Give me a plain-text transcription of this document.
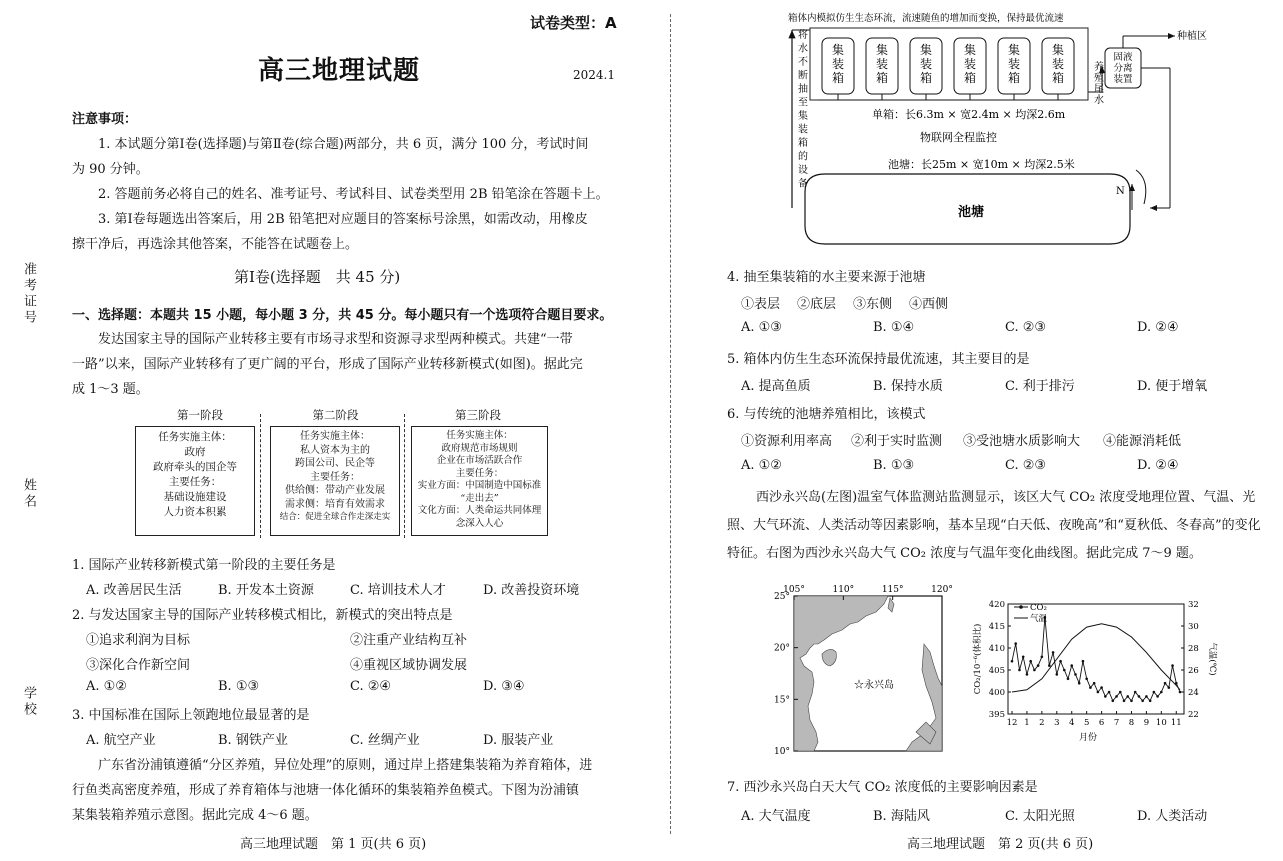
准考证号
姓名
学校
试卷类型：A
高三地理试题	2024.1
注意事项：
1. 本试题分第Ⅰ卷(选择题)与第Ⅱ卷(综合题)两部分，共 6 页，满分 100 分，考试时间
为 90 分钟。
2. 答题前务必将自己的姓名、准考证号、考试科目、试卷类型用 2B 铅笔涂在答题卡上。
3. 第Ⅰ卷每题选出答案后，用 2B 铅笔把对应题目的答案标号涂黑，如需改动，用橡皮
擦干净后，再选涂其他答案，不能答在试题卷上。
第Ⅰ卷(选择题　共 45 分)
一、选择题：本题共 15 小题，每小题 3 分，共 45 分。每小题只有一个选项符合题目要求。
发达国家主导的国际产业转移主要有市场寻求型和资源寻求型两种模式。共建“一带
一路”以来，国际产业转移有了更广阔的平台，形成了国际产业转移新模式(如图)。据此完
成 1～3 题。
第一阶段	第二阶段	第三阶段
任务实施主体：
政府
政府牵头的国企等
主要任务：
基础设施建设
人力资本积累
任务实施主体：
私人资本为主的
跨国公司、民企等
主要任务：
供给侧：带动产业发展
需求侧：培育有效需求
结合：促进全球合作走深走实
任务实施主体：
政府规范市场规则
企业在市场活跃合作
主要任务：
实业方面：中国制造中国标准
“走出去”
文化方面：人类命运共同体理
念深入人心
1. 国际产业转移新模式第一阶段的主要任务是
A. 改善居民生活	B. 开发本土资源	C. 培训技术人才	D. 改善投资环境
2. 与发达国家主导的国际产业转移模式相比，新模式的突出特点是
①追求利润为目标	②注重产业结构互补
③深化合作新空间	④重视区域协调发展
A. ①②	B. ①③	C. ②④	D. ③④
3. 中国标准在国际上领跑地位最显著的是
A. 航空产业	B. 钢铁产业	C. 丝绸产业	D. 服装产业
广东省汾浦镇遵循“分区养殖，异位处理”的原则，通过岸上搭建集装箱为养育箱体，进
行鱼类高密度养殖，形成了养育箱体与池塘一体化循环的集装箱养鱼模式。下图为汾浦镇
某集装箱养殖示意图。据此完成 4～6 题。
高三地理试题　第 1 页(共 6 页)
箱体内模拟仿生生态环流，流速随鱼的增加而变换，保持最优流速
集
装
箱
集
装
箱
集
装
箱
集
装
箱
集
装
箱
集
装
箱
将水不断抽至集装箱的设备
养殖尾水
固液分离装置
种植区
单箱：长6.3m × 宽2.4m × 均深2.6m
物联网全程监控
池塘：长25m × 宽10m × 均深2.5米
池塘
N
4. 抽至集装箱的水主要来源于池塘
①表层 ②底层 ③东侧 ④西侧
A. ①③	B. ①④	C. ②③	D. ②④
5. 箱体内仿生生态环流保持最优流速，其主要目的是
A. 提高鱼质	B. 保持水质	C. 利于排污	D. 便于增氧
6. 与传统的池塘养殖相比，该模式
①资源利用率高 ②利于实时监测 ③受池塘水质影响大 ④能源消耗低
A. ①②	B. ①③	C. ②③	D. ②④
西沙永兴岛(左图)温室气体监测站监测显示，该区大气 CO₂ 浓度受地理位置、气温、光
照、大气环流、人类活动等因素影响，基本呈现“白天低、夜晚高”和“夏秋低、冬春高”的变化
特征。右图为西沙永兴岛大气 CO₂ 浓度与气温年变化曲线图。据此完成 7～9 题。
105°	110°	115°	120°
25°
20°
15°
10°
☆永兴岛
420
415
410
405
400
395
32
30
28
26
24
22
12 1 2 3 4 5 6 7 8 9 10 11
CO₂
气温
月份
CO₂/10⁻⁶(体积比)	气温(℃)
7. 西沙永兴岛白天大气 CO₂ 浓度低的主要影响因素是
A. 大气温度	B. 海陆风	C. 太阳光照	D. 人类活动
高三地理试题　第 2 页(共 6 页)
